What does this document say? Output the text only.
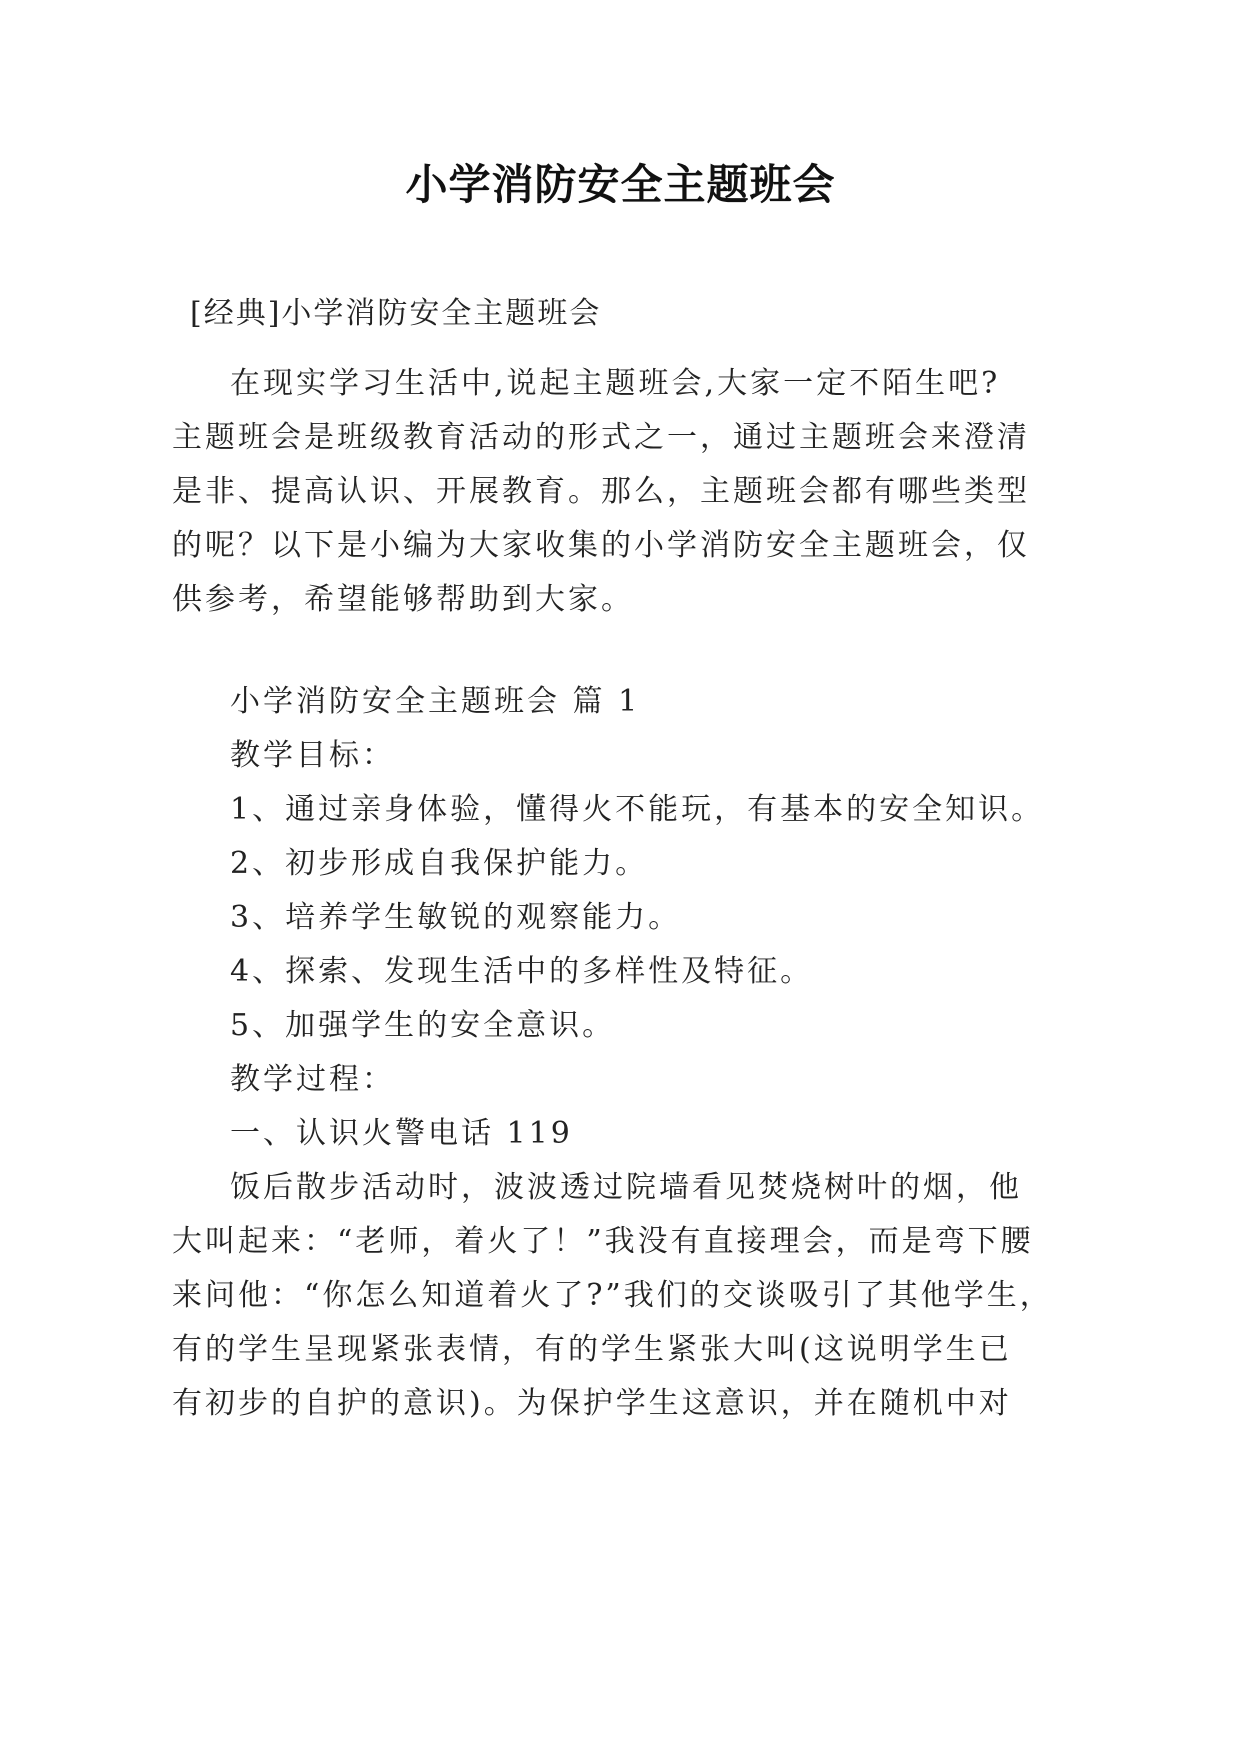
小学消防安全主题班会
[经典]小学消防安全主题班会
在现实学习生活中,说起主题班会,大家一定不陌生吧?
主题班会是班级教育活动的形式之一，通过主题班会来澄清
是非、提高认识、开展教育。那么，主题班会都有哪些类型
的呢？以下是小编为大家收集的小学消防安全主题班会，仅
供参考，希望能够帮助到大家。
小学消防安全主题班会 篇 1
教学目标：
1、通过亲身体验，懂得火不能玩，有基本的安全知识。
2、初步形成自我保护能力。
3、培养学生敏锐的观察能力。
4、探索、发现生活中的多样性及特征。
5、加强学生的安全意识。
教学过程：
一、认识火警电话 119
饭后散步活动时，波波透过院墙看见焚烧树叶的烟，他
大叫起来：“老师，着火了！”我没有直接理会，而是弯下腰
来问他：“你怎么知道着火了?”我们的交谈吸引了其他学生，
有的学生呈现紧张表情，有的学生紧张大叫(这说明学生已
有初步的自护的意识)。为保护学生这意识，并在随机中对
